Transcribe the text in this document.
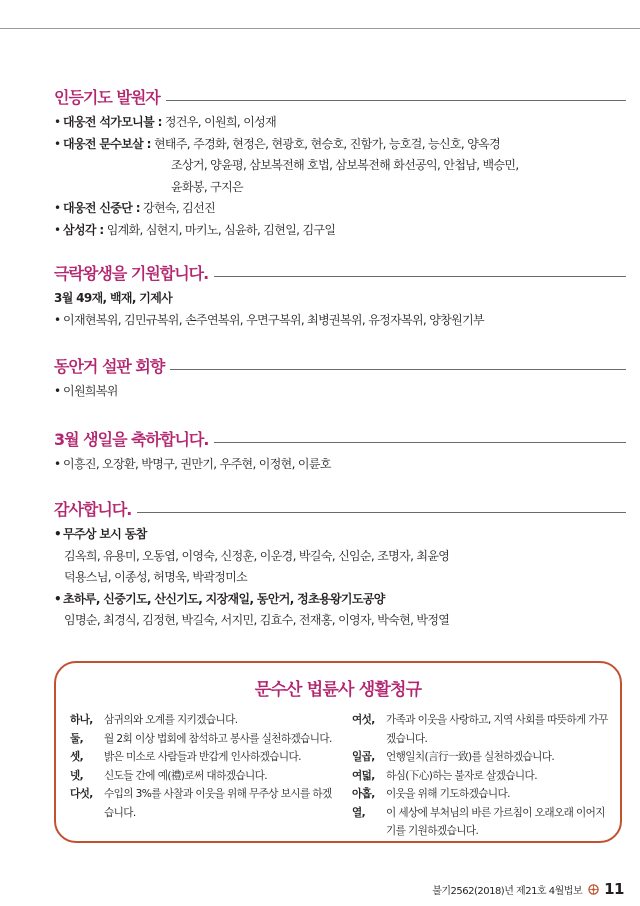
인등기도 발원자
• 대웅전 석가모니불 : 정건우, 이원희, 이성재
• 대웅전 문수보살 : 현태주, 주경화, 현정은, 현광호, 현승호, 진함가, 능호걸, 능신호, 양옥경
조상거, 양윤평, 삼보복전해 호법, 삼보복전해 화선공익, 안첩남, 백승민,
윤화봉, 구지은
• 대웅전 신중단 : 강현숙, 김선진
• 삼성각 : 임계화, 심현지, 마키노, 심윤하, 김현일, 김구일
극락왕생을 기원합니다.
3월 49재, 백재, 기제사
• 이재현복위, 김민규복위, 손주연복위, 우면구복위, 최병권복위, 유정자복위, 양창원기부
동안거 설판 회향
• 이원희복위
3월 생일을 축하합니다.
• 이흥진, 오장환, 박명구, 권만기, 우주현, 이정현, 이륜호
감사합니다.
• 무주상 보시 동참
김옥희, 유용미, 오동엽, 이영숙, 신정훈, 이운경, 박길숙, 신임순, 조명자, 최윤영
덕용스님, 이종성, 허명욱, 박곽정미소
• 초하루, 신중기도, 산신기도, 지장재일, 동안거, 정초용왕기도공양
임명순, 최경식, 김정현, 박길숙, 서지민, 김효수, 전재홍, 이영자, 박숙현, 박정열
문수산 법륜사 생활청규
하나,	삼귀의와 오계를 지키겠습니다.
둘,	월 2회 이상 법회에 참석하고 봉사를 실천하겠습니다.
셋,	밝은 미소로 사람들과 반갑게 인사하겠습니다.
넷,	신도들 간에 예(禮)로써 대하겠습니다.
다섯,	수입의 3%를 사찰과 이웃을 위해 무주상 보시를 하겠습니다.
여섯,	가족과 이웃을 사랑하고, 지역 사회를 따뜻하게 가꾸겠습니다.
일곱,	언행일치(言行一致)를 실천하겠습니다.
여덟,	하심(下心)하는 불자로 살겠습니다.
아홉,	이웃을 위해 기도하겠습니다.
열,	이 세상에 부처님의 바른 가르침이 오래오래 이어지기를 기원하겠습니다.
불기2562(2018)년 제21호 4월법보 11
